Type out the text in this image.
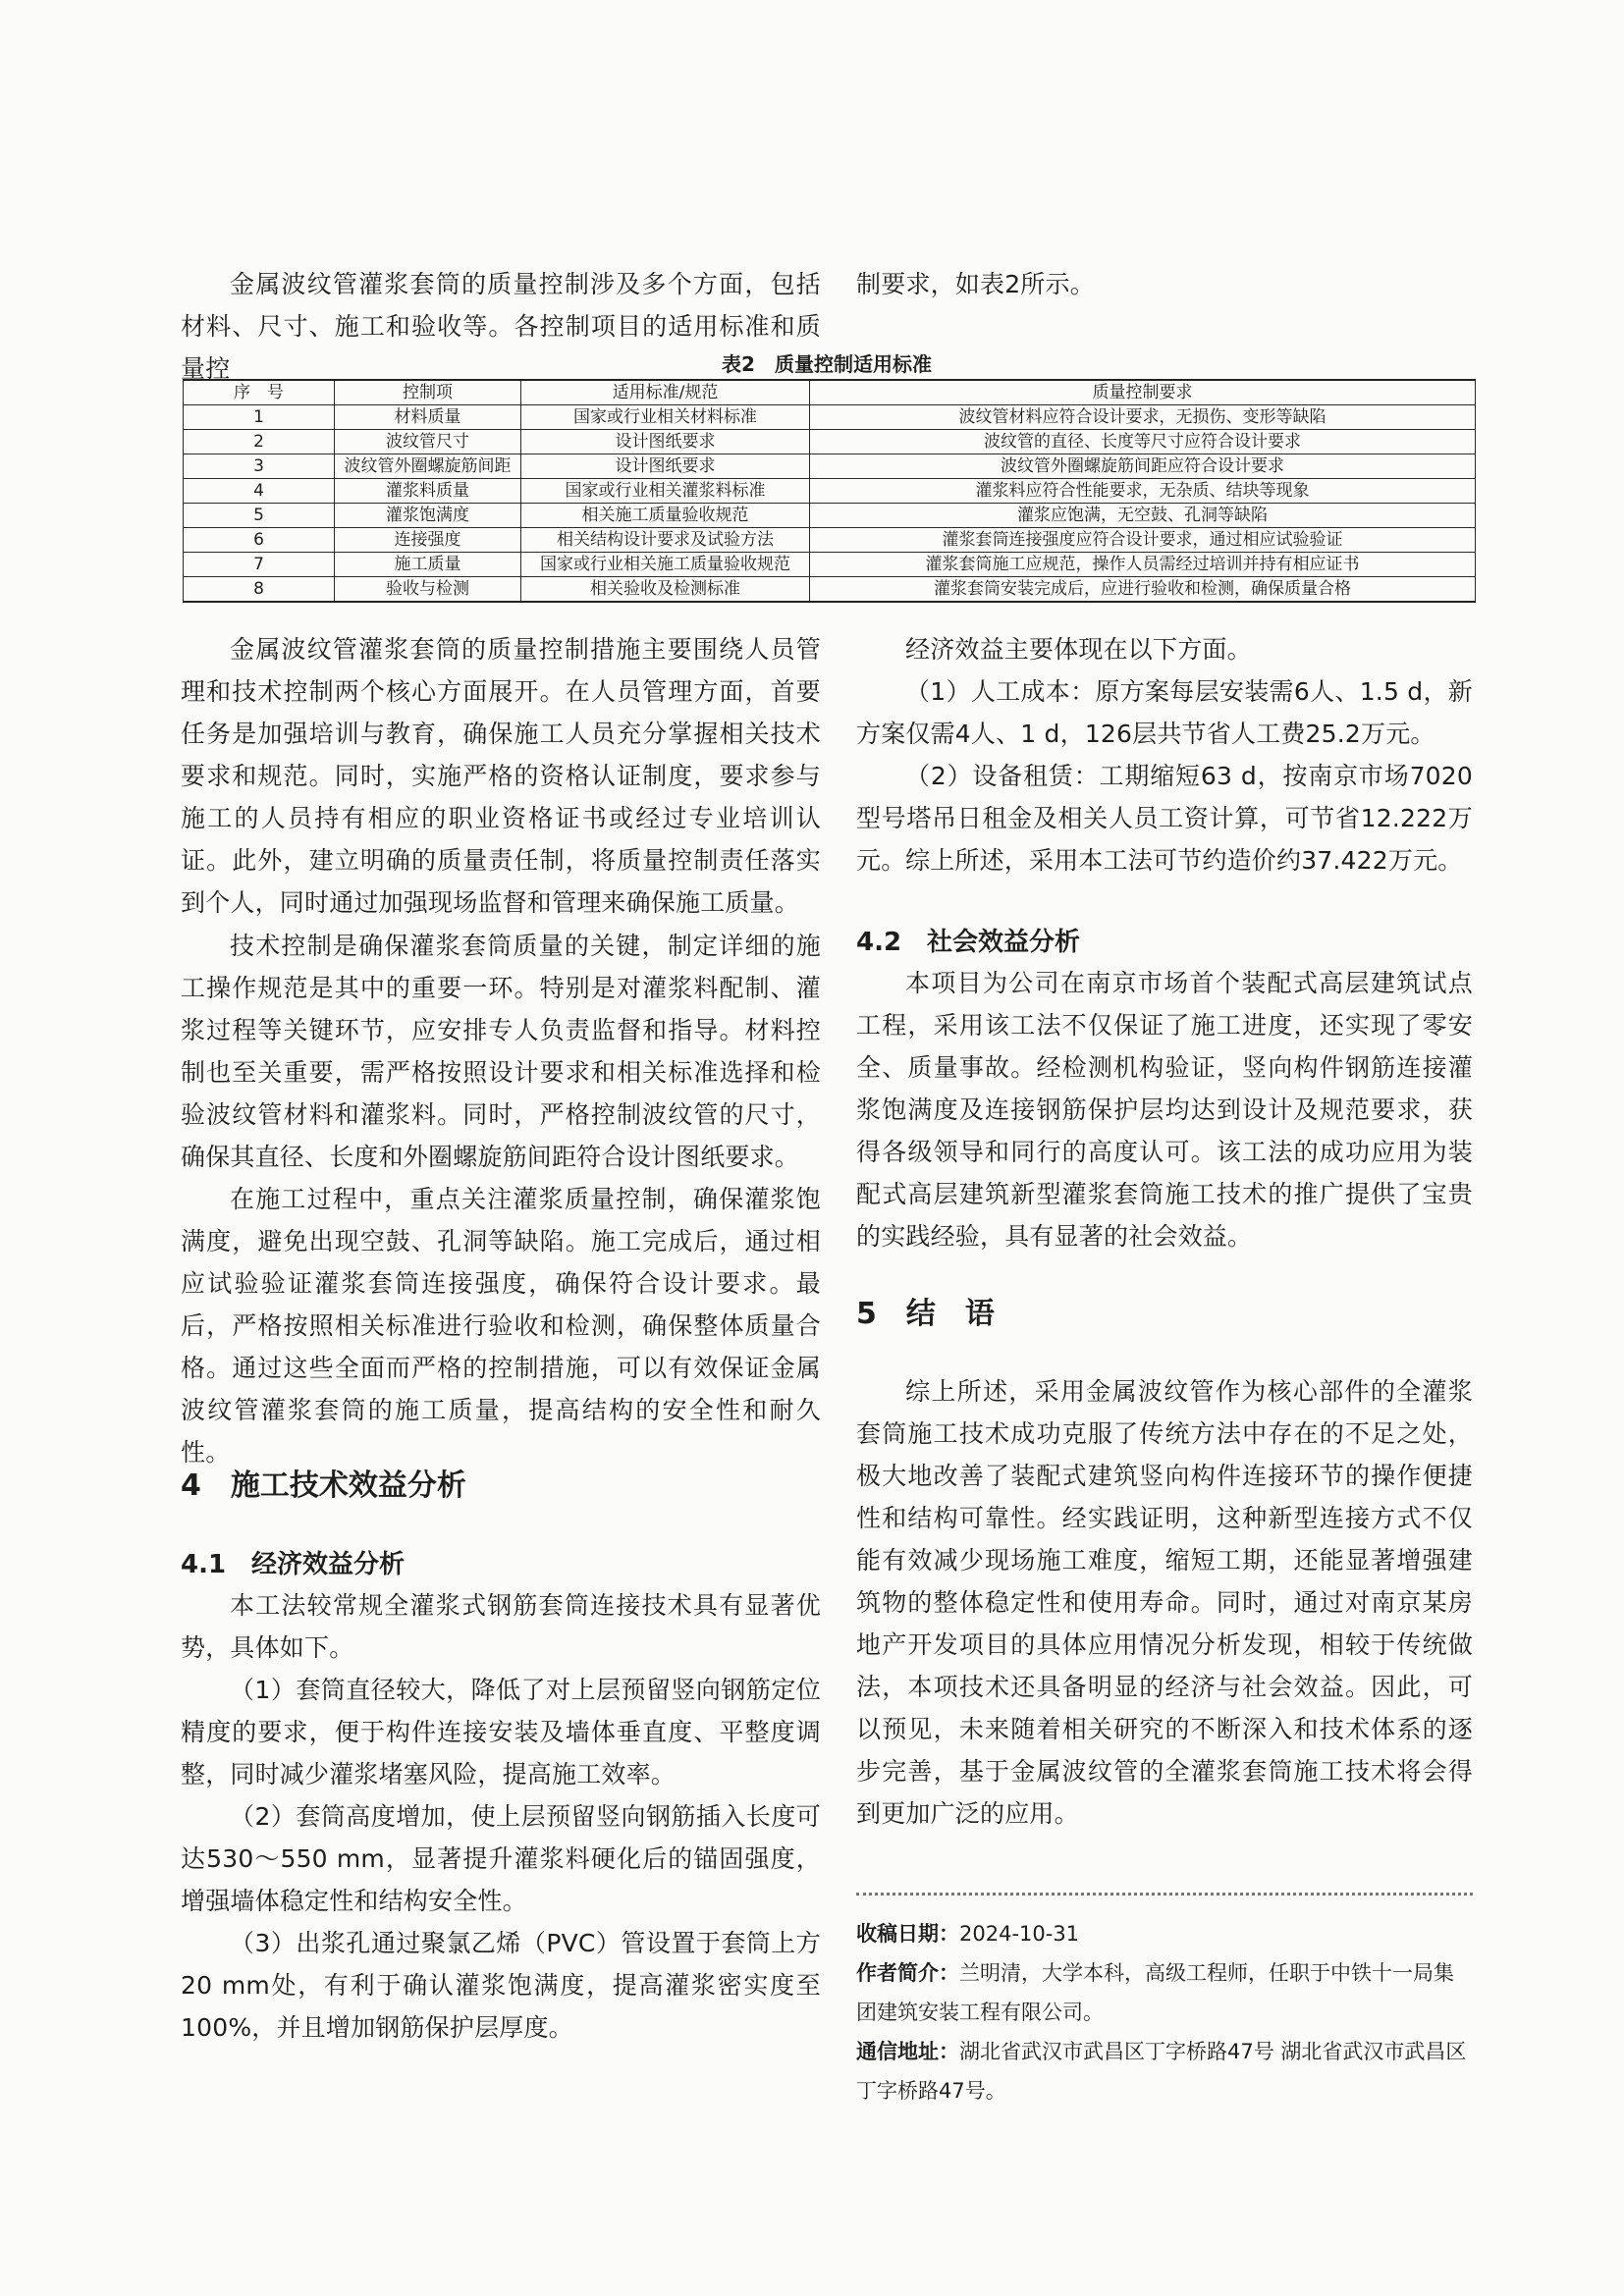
金属波纹管灌浆套筒的质量控制涉及多个方面，包括材料、尺寸、施工和验收等。各控制项目的适用标准和质量控

制要求，如表2所示。

表2　质量控制适用标准
序　号	控制项	适用标准/规范	质量控制要求
1	材料质量	国家或行业相关材料标准	波纹管材料应符合设计要求，无损伤、变形等缺陷
2	波纹管尺寸	设计图纸要求	波纹管的直径、长度等尺寸应符合设计要求
3	波纹管外圈螺旋筋间距	设计图纸要求	波纹管外圈螺旋筋间距应符合设计要求
4	灌浆料质量	国家或行业相关灌浆料标准	灌浆料应符合性能要求，无杂质、结块等现象
5	灌浆饱满度	相关施工质量验收规范	灌浆应饱满，无空鼓、孔洞等缺陷
6	连接强度	相关结构设计要求及试验方法	灌浆套筒连接强度应符合设计要求，通过相应试验验证
7	施工质量	国家或行业相关施工质量验收规范	灌浆套筒施工应规范，操作人员需经过培训并持有相应证书
8	验收与检测	相关验收及检测标准	灌浆套筒安装完成后，应进行验收和检测，确保质量合格

金属波纹管灌浆套筒的质量控制措施主要围绕人员管理和技术控制两个核心方面展开。在人员管理方面，首要任务是加强培训与教育，确保施工人员充分掌握相关技术要求和规范。同时，实施严格的资格认证制度，要求参与施工的人员持有相应的职业资格证书或经过专业培训认证。此外，建立明确的质量责任制，将质量控制责任落实到个人，同时通过加强现场监督和管理来确保施工质量。

技术控制是确保灌浆套筒质量的关键，制定详细的施工操作规范是其中的重要一环。特别是对灌浆料配制、灌浆过程等关键环节，应安排专人负责监督和指导。材料控制也至关重要，需严格按照设计要求和相关标准选择和检验波纹管材料和灌浆料。同时，严格控制波纹管的尺寸，确保其直径、长度和外圈螺旋筋间距符合设计图纸要求。

在施工过程中，重点关注灌浆质量控制，确保灌浆饱满度，避免出现空鼓、孔洞等缺陷。施工完成后，通过相应试验验证灌浆套筒连接强度，确保符合设计要求。最后，严格按照相关标准进行验收和检测，确保整体质量合格。通过这些全面而严格的控制措施，可以有效保证金属波纹管灌浆套筒的施工质量，提高结构的安全性和耐久性。

4　施工技术效益分析
4.1　经济效益分析

本工法较常规全灌浆式钢筋套筒连接技术具有显著优势，具体如下。

（1）套筒直径较大，降低了对上层预留竖向钢筋定位精度的要求，便于构件连接安装及墙体垂直度、平整度调整，同时减少灌浆堵塞风险，提高施工效率。

（2）套筒高度增加，使上层预留竖向钢筋插入长度可达530～550 mm，显著提升灌浆料硬化后的锚固强度，增强墙体稳定性和结构安全性。

（3）出浆孔通过聚氯乙烯（PVC）管设置于套筒上方20 mm处，有利于确认灌浆饱满度，提高灌浆密实度至100%，并且增加钢筋保护层厚度。

经济效益主要体现在以下方面。

（1）人工成本：原方案每层安装需6人、1.5 d，新方案仅需4人、1 d，126层共节省人工费25.2万元。

（2）设备租赁：工期缩短63 d，按南京市场7020型号塔吊日租金及相关人员工资计算，可节省12.222万元。 综上所述，采用本工法可节约造价约37.422万元。

4.2　社会效益分析

本项目为公司在南京市场首个装配式高层建筑试点工程，采用该工法不仅保证了施工进度，还实现了零安全、质量事故。经检测机构验证，竖向构件钢筋连接灌浆饱满度及连接钢筋保护层均达到设计及规范要求，获得各级领导和同行的高度认可。该工法的成功应用为装配式高层建筑新型灌浆套筒施工技术的推广提供了宝贵的实践经验，具有显著的社会效益。

5　结　语

综上所述，采用金属波纹管作为核心部件的全灌浆套筒施工技术成功克服了传统方法中存在的不足之处，极大地改善了装配式建筑竖向构件连接环节的操作便捷性和结构可靠性。经实践证明，这种新型连接方式不仅能有效减少现场施工难度，缩短工期，还能显著增强建筑物的整体稳定性和使用寿命。同时，通过对南京某房地产开发项目的具体应用情况分析发现，相较于传统做法，本项技术还具备明显的经济与社会效益。因此，可以预见，未来随着相关研究的不断深入和技术体系的逐步完善，基于金属波纹管的全灌浆套筒施工技术将会得到更加广泛的应用。

收稿日期：2024-10-31

作者简介：兰明清，大学本科，高级工程师，任职于中铁十一局集团建筑安装工程有限公司。

通信地址：湖北省武汉市武昌区丁字桥路47号 湖北省武汉市武昌区丁字桥路47号。
